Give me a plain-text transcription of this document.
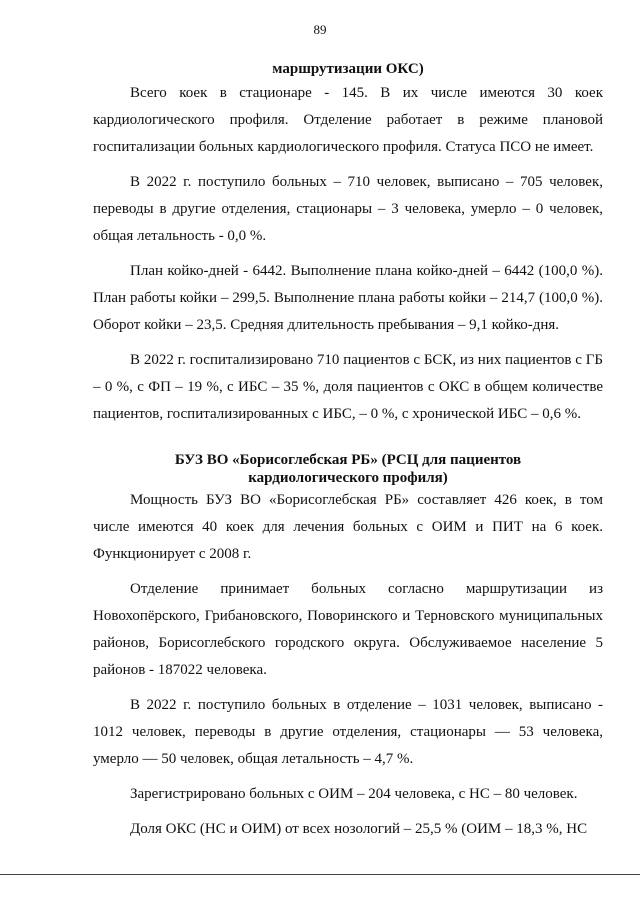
89
маршрутизации ОКС)

Всего коек в стационаре - 145. В их числе имеются 30 коек кардиологического профиля. Отделение работает в режиме плановой госпитализации больных кардиологического профиля. Статуса ПСО не имеет.

В 2022 г. поступило больных – 710 человек, выписано – 705 человек, переводы в другие отделения, стационары – 3 человека, умерло – 0 человек, общая летальность - 0,0 %.

План койко-дней - 6442. Выполнение плана койко-дней – 6442 (100,0 %). План работы койки – 299,5. Выполнение плана работы койки – 214,7 (100,0 %). Оборот койки – 23,5. Средняя длительность пребывания – 9,1 койко-дня.

В 2022 г. госпитализировано 710 пациентов с БСК, из них пациентов с ГБ – 0 %, с ФП – 19 %, с ИБС – 35 %, доля пациентов с ОКС в общем количестве пациентов, госпитализированных с ИБС, – 0 %, с хронической ИБС – 0,6 %.

БУЗ ВО «Борисоглебская РБ» (РСЦ для пациентов
кардиологического профиля)

Мощность БУЗ ВО «Борисоглебская РБ» составляет 426 коек, в том числе имеются 40 коек для лечения больных с ОИМ и ПИТ на 6 коек. Функционирует с 2008 г.

Отделение принимает больных согласно маршрутизации из Новохопёрского, Грибановского, Поворинского и Терновского муниципальных районов, Борисоглебского городского округа. Обслуживаемое население 5 районов - 187022 человека.

В 2022 г. поступило больных в отделение – 1031 человек, выписано - 1012 человек, переводы в другие отделения, стационары –– 53 человека, умерло –– 50 человек, общая летальность – 4,7 %.

Зарегистрировано больных с ОИМ – 204 человека, с НС – 80 человек.

Доля ОКС (НС и ОИМ) от всех нозологий – 25,5 % (ОИМ – 18,3 %, НС
